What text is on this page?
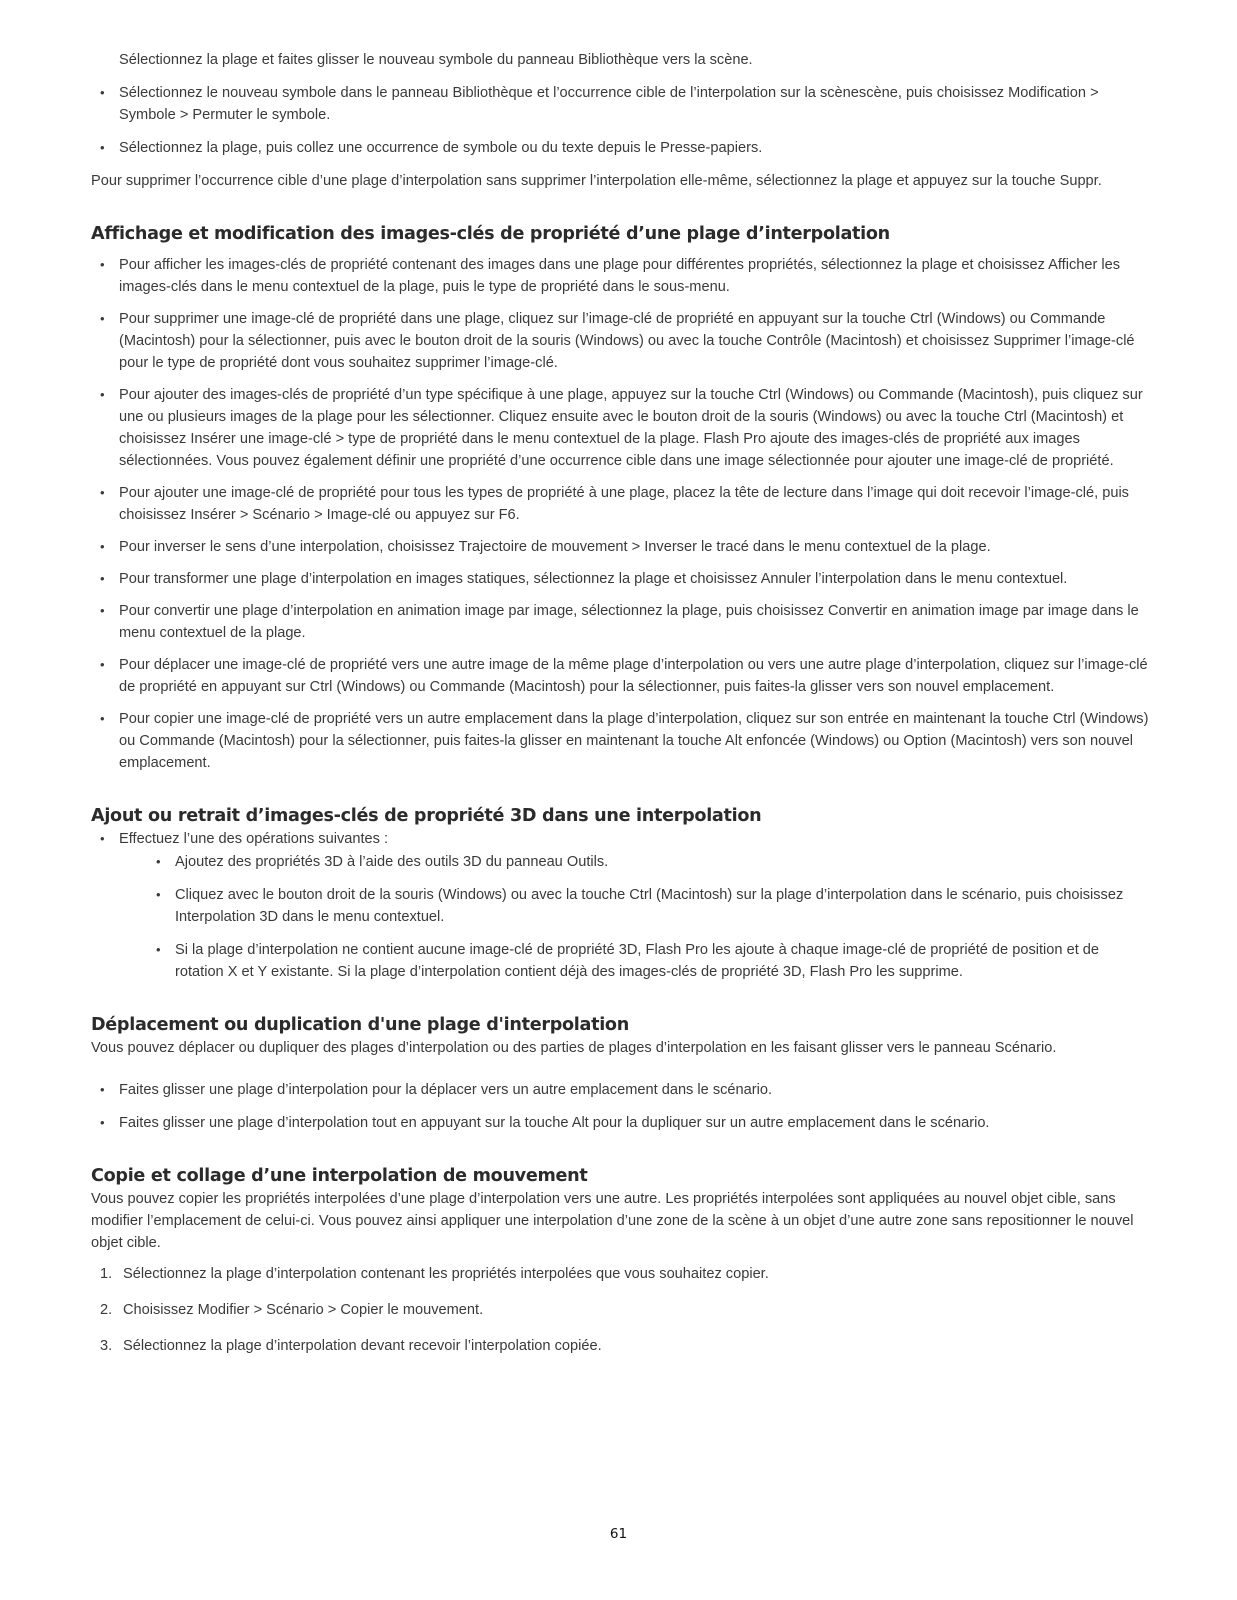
Sélectionnez la plage et faites glisser le nouveau symbole du panneau Bibliothèque vers la scène.

• Sélectionnez le nouveau symbole dans le panneau Bibliothèque et l’occurrence cible de l’interpolation sur la scènescène, puis choisissez Modification > Symbole > Permuter le symbole.
• Sélectionnez la plage, puis collez une occurrence de symbole ou du texte depuis le Presse-papiers.

Pour supprimer l’occurrence cible d’une plage d’interpolation sans supprimer l’interpolation elle-même, sélectionnez la plage et appuyez sur la touche Suppr.

Affichage et modification des images-clés de propriété d’une plage d’interpolation
• Pour afficher les images-clés de propriété contenant des images dans une plage pour différentes propriétés, sélectionnez la plage et choisissez Afficher les images-clés dans le menu contextuel de la plage, puis le type de propriété dans le sous-menu.
• Pour supprimer une image-clé de propriété dans une plage, cliquez sur l’image-clé de propriété en appuyant sur la touche Ctrl (Windows) ou Commande (Macintosh) pour la sélectionner, puis avec le bouton droit de la souris (Windows) ou avec la touche Contrôle (Macintosh) et choisissez Supprimer l’image-clé pour le type de propriété dont vous souhaitez supprimer l’image-clé.
• Pour ajouter des images-clés de propriété d’un type spécifique à une plage, appuyez sur la touche Ctrl (Windows) ou Commande (Macintosh), puis cliquez sur une ou plusieurs images de la plage pour les sélectionner. Cliquez ensuite avec le bouton droit de la souris (Windows) ou avec la touche Ctrl (Macintosh) et choisissez Insérer une image-clé > type de propriété dans le menu contextuel de la plage. Flash Pro ajoute des images-clés de propriété aux images sélectionnées. Vous pouvez également définir une propriété d’une occurrence cible dans une image sélectionnée pour ajouter une image-clé de propriété.
• Pour ajouter une image-clé de propriété pour tous les types de propriété à une plage, placez la tête de lecture dans l’image qui doit recevoir l’image-clé, puis choisissez Insérer > Scénario > Image-clé ou appuyez sur F6.
• Pour inverser le sens d’une interpolation, choisissez Trajectoire de mouvement > Inverser le tracé dans le menu contextuel de la plage.
• Pour transformer une plage d’interpolation en images statiques, sélectionnez la plage et choisissez Annuler l’interpolation dans le menu contextuel.
• Pour convertir une plage d’interpolation en animation image par image, sélectionnez la plage, puis choisissez Convertir en animation image par image dans le menu contextuel de la plage.
• Pour déplacer une image-clé de propriété vers une autre image de la même plage d’interpolation ou vers une autre plage d’interpolation, cliquez sur l’image-clé de propriété en appuyant sur Ctrl (Windows) ou Commande (Macintosh) pour la sélectionner, puis faites-la glisser vers son nouvel emplacement.
• Pour copier une image-clé de propriété vers un autre emplacement dans la plage d’interpolation, cliquez sur son entrée en maintenant la touche Ctrl (Windows) ou Commande (Macintosh) pour la sélectionner, puis faites-la glisser en maintenant la touche Alt enfoncée (Windows) ou Option (Macintosh) vers son nouvel emplacement.
Ajout ou retrait d’images-clés de propriété 3D dans une interpolation
• Effectuez l’une des opérations suivantes :
• Ajoutez des propriétés 3D à l’aide des outils 3D du panneau Outils.
• Cliquez avec le bouton droit de la souris (Windows) ou avec la touche Ctrl (Macintosh) sur la plage d’interpolation dans le scénario, puis choisissez Interpolation 3D dans le menu contextuel.
• Si la plage d’interpolation ne contient aucune image-clé de propriété 3D, Flash Pro les ajoute à chaque image-clé de propriété de position et de rotation X et Y existante. Si la plage d’interpolation contient déjà des images-clés de propriété 3D, Flash Pro les supprime.
Déplacement ou duplication d'une plage d'interpolation

Vous pouvez déplacer ou dupliquer des plages d’interpolation ou des parties de plages d’interpolation en les faisant glisser vers le panneau Scénario.

• Faites glisser une plage d’interpolation pour la déplacer vers un autre emplacement dans le scénario.
• Faites glisser une plage d’interpolation tout en appuyant sur la touche Alt pour la dupliquer sur un autre emplacement dans le scénario.
Copie et collage d’une interpolation de mouvement

Vous pouvez copier les propriétés interpolées d’une plage d’interpolation vers une autre. Les propriétés interpolées sont appliquées au nouvel objet cible, sans modifier l’emplacement de celui-ci. Vous pouvez ainsi appliquer une interpolation d’une zone de la scène à un objet d’une autre zone sans repositionner le nouvel objet cible.

1. Sélectionnez la plage d’interpolation contenant les propriétés interpolées que vous souhaitez copier.
2. Choisissez Modifier > Scénario > Copier le mouvement.
3. Sélectionnez la plage d’interpolation devant recevoir l’interpolation copiée.
61
